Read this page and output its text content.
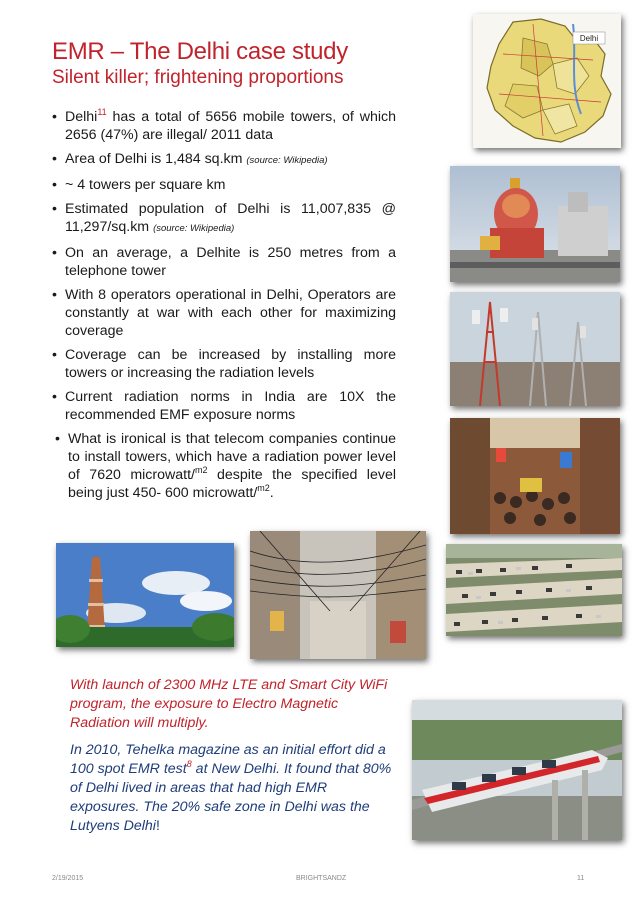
EMR – The Delhi case study
Silent killer; frightening proportions
• Delhi$^{11}$ has a total of 5656 mobile towers, of which 2656 (47%) are illegal/ 2011 data
• Area of Delhi is 1,484 sq.km (source: Wikipedia)
• ~ 4 towers per square km
• Estimated population of Delhi is 11,007,835 @ 11,297/sq.km (source: Wikipedia)
• On an average, a Delhite is 250 metres from a telephone tower
• With 8 operators operational in Delhi, Operators are constantly at war with each other for maximizing coverage
• Coverage can be increased by installing more towers or increasing the radiation levels
• Current radiation norms in India are 10X the recommended EMF exposure norms
• What is ironical is that telecom companies continue to install towers, which have a radiation power level of 7620 microwatt/$^{m2}$ despite the specified level being just 450- 600 microwatt/$^{m2}$.
Delhi

With launch of 2300 MHz LTE and Smart City WiFi program, the exposure to Electro Magnetic Radiation will multiply.

In 2010, Tehelka magazine as an initial effort did a 100 spot EMR test$^8$ at New Delhi. It found that 80% of Delhi lived in areas that had high EMR exposures. The 20% safe zone in Delhi was the Lutyens Delhi!

2/19/2015	BRIGHTSANDZ	11
